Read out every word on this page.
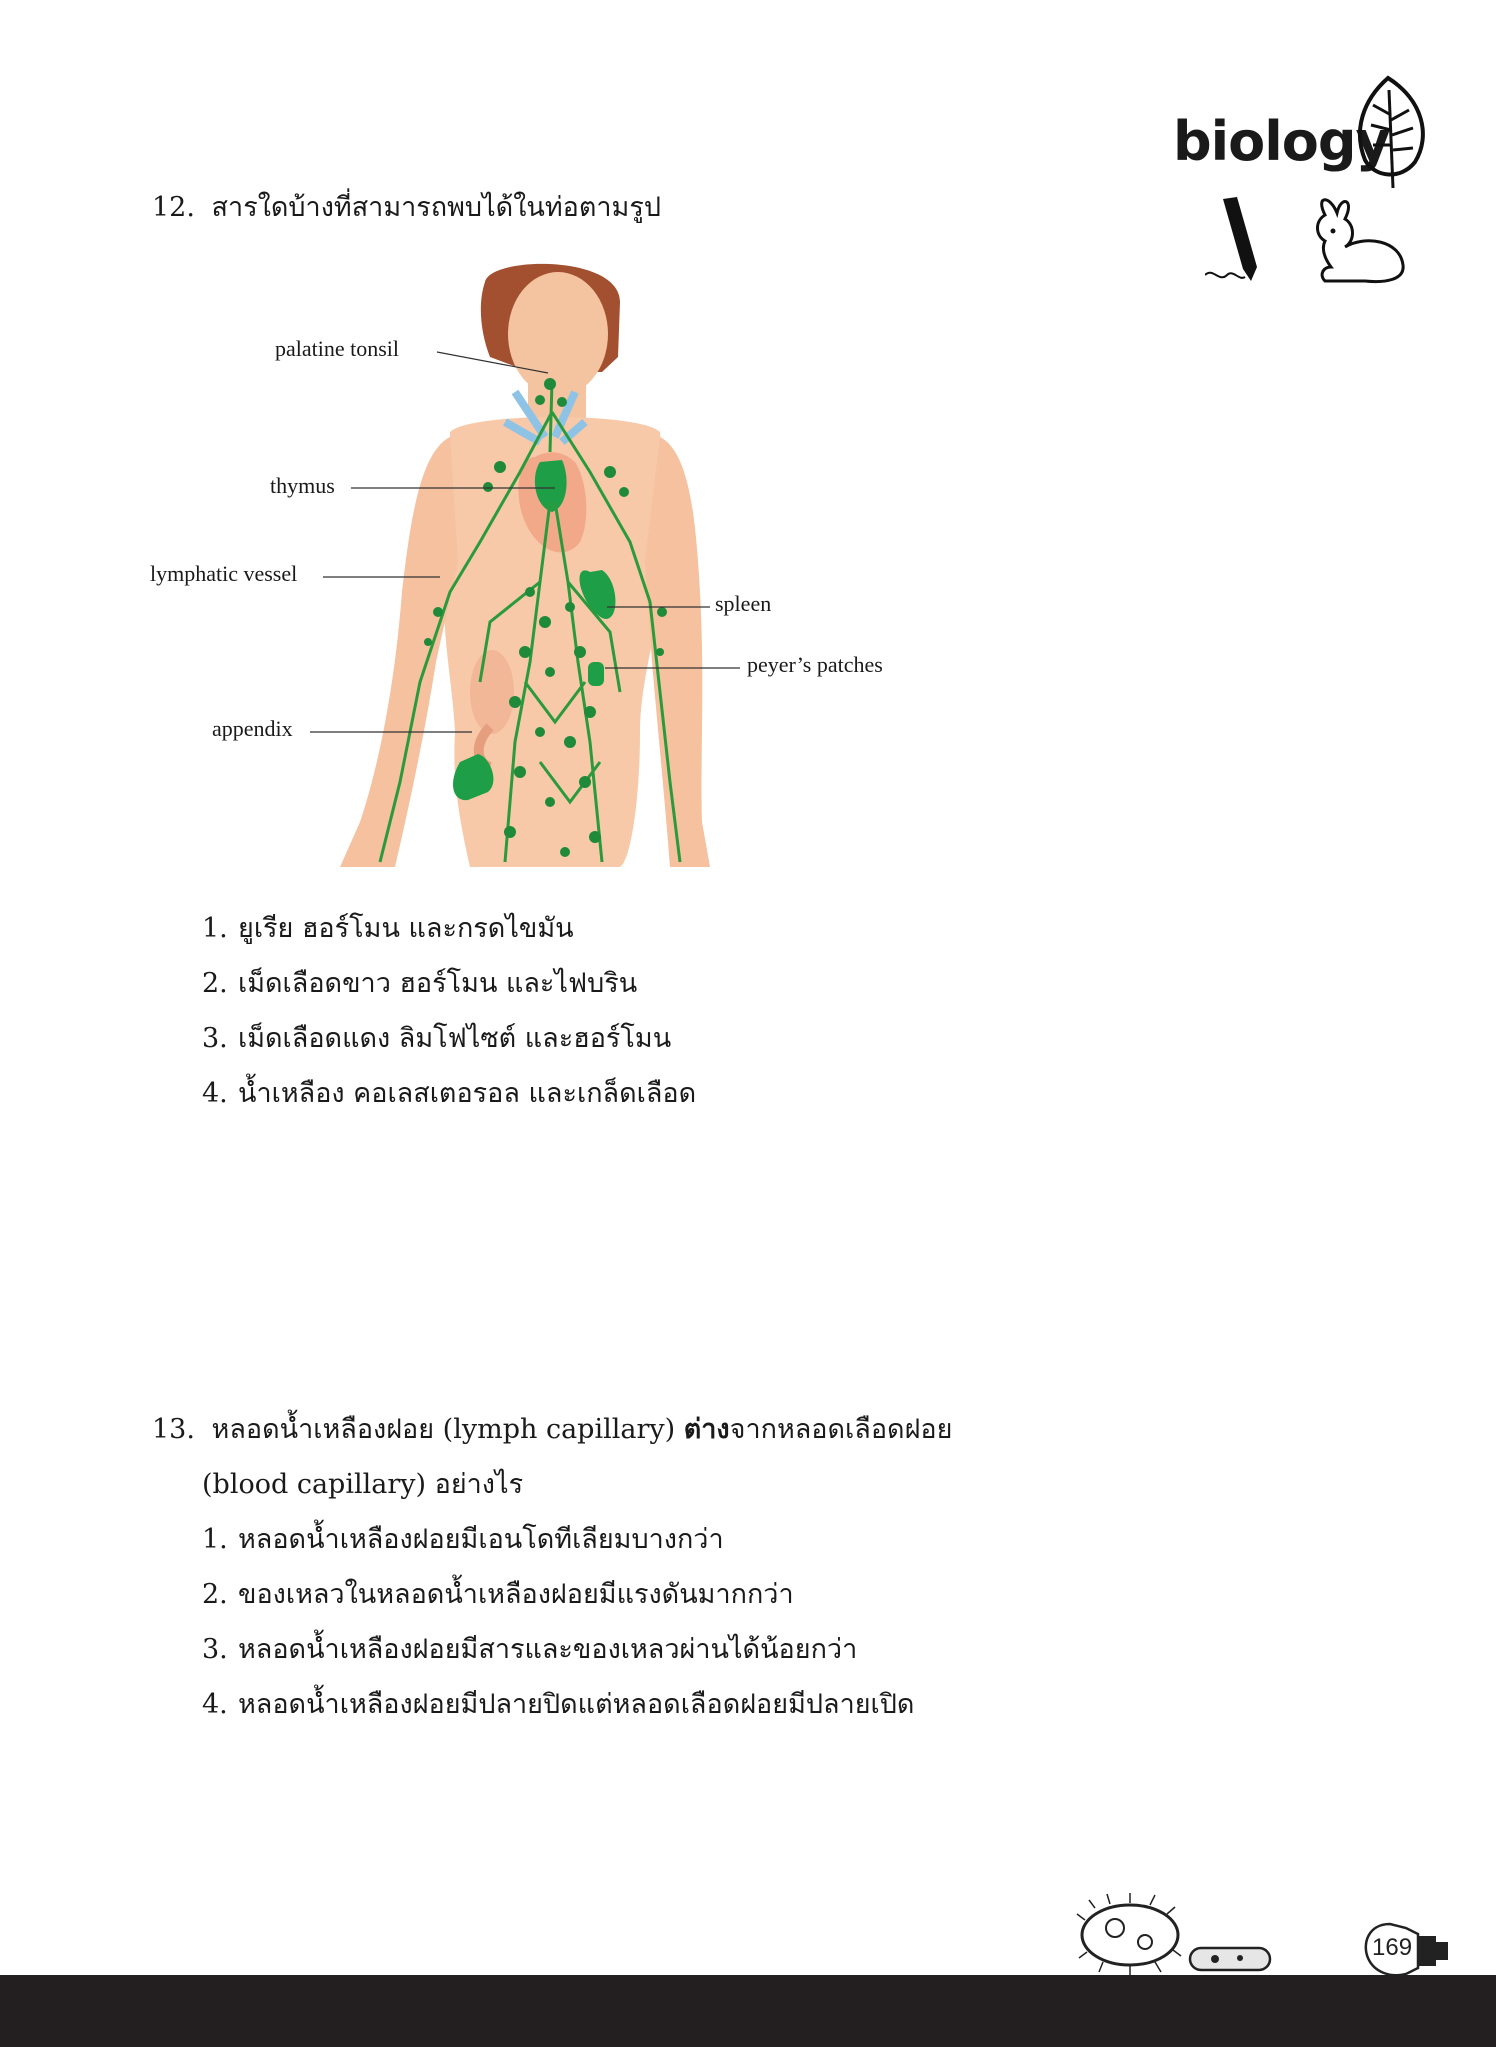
biology
12. สารใดบ้างที่สามารถพบได้ในท่อตามรูป
palatine tonsil
thymus
lymphatic vessel
spleen
peyer’s patches
appendix
1. ยูเรีย ฮอร์โมน และกรดไขมัน
2. เม็ดเลือดขาว ฮอร์โมน และไฟบริน
3. เม็ดเลือดแดง ลิมโฟไซต์ และฮอร์โมน
4. น้ำเหลือง คอเลสเตอรอล และเกล็ดเลือด
13. หลอดน้ำเหลืองฝอย (lymph capillary) ต่างจากหลอดเลือดฝอย
(blood capillary) อย่างไร
1. หลอดน้ำเหลืองฝอยมีเอนโดทีเลียมบางกว่า
2. ของเหลวในหลอดน้ำเหลืองฝอยมีแรงดันมากกว่า
3. หลอดน้ำเหลืองฝอยมีสารและของเหลวผ่านได้น้อยกว่า
4. หลอดน้ำเหลืองฝอยมีปลายปิดแต่หลอดเลือดฝอยมีปลายเปิด
169
